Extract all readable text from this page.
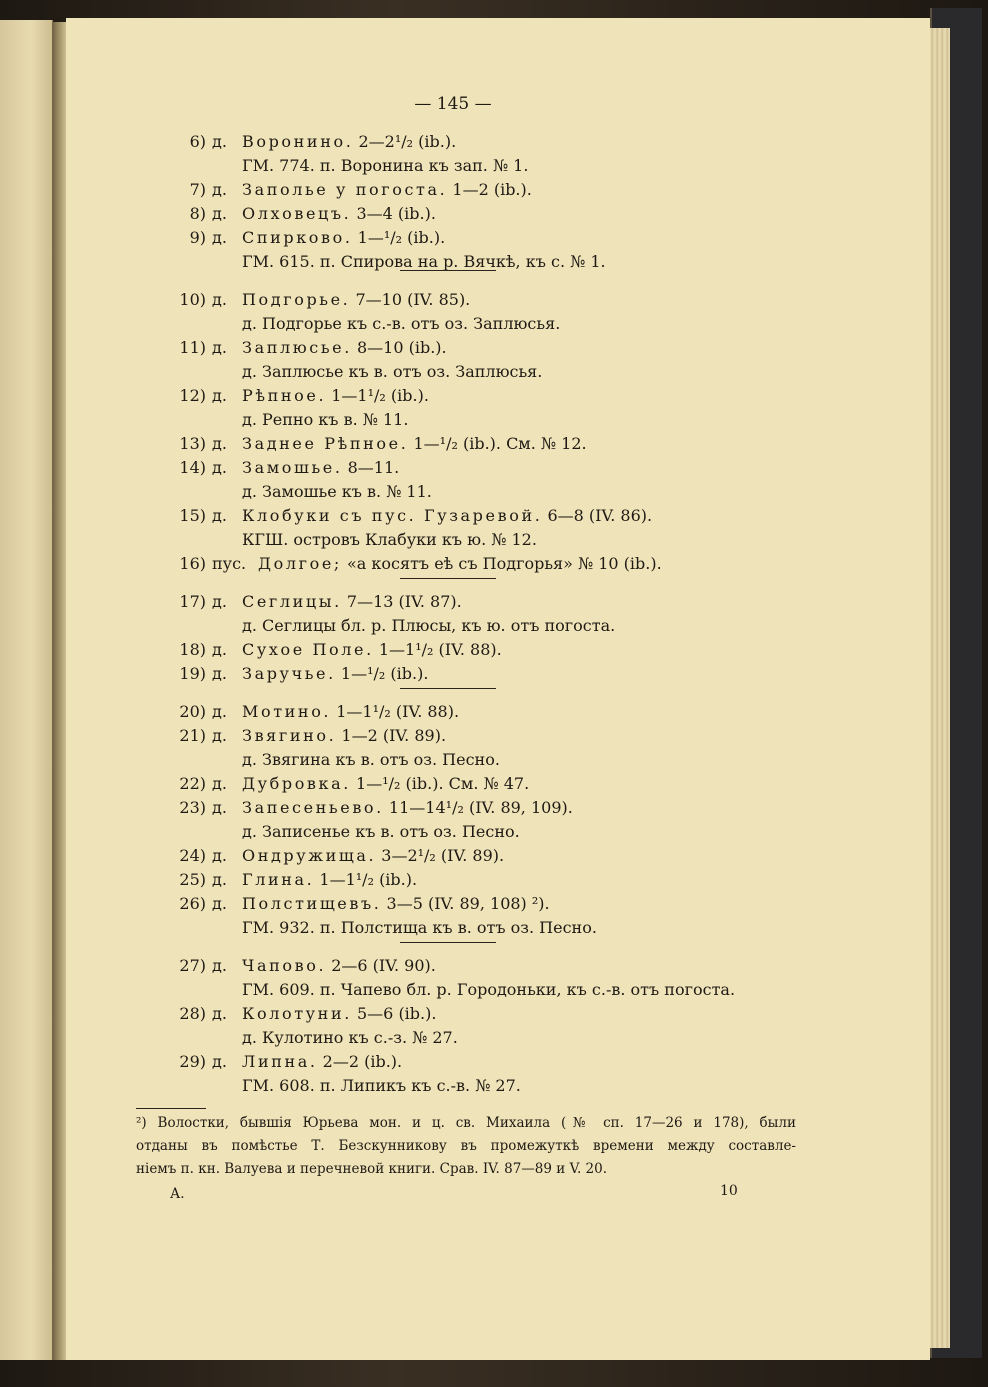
— 145 —
²) Волостки, бывшія Юрьева мон. и ц. св. Михаила (№ сп. 17—26 и 178), были
отданы въ помѣстье Т. Безскунникову въ промежуткѣ времени между составле-
ніемъ п. кн. Валуева и перечневой книги. Срав. IV. 87—89 и V. 20.
А.	10
6) д. Воронино. 2—2¹/₂ (ib.).
ГМ. 774. п. Воронина къ зап. № 1.
7) д. Заполье у погоста. 1—2 (ib.).
8) д. Олховецъ. 3—4 (ib.).
9) д. Спирково. 1—¹/₂ (ib.).
ГМ. 615. п. Спирова на р. Вячкѣ, къ с. № 1.
10) д. Подгорье. 7—10 (IV. 85).
д. Подгорье къ с.-в. отъ оз. Заплюсья.
11) д. Заплюсье. 8—10 (ib.).
д. Заплюсье къ в. отъ оз. Заплюсья.
12) д. Рѣпное. 1—1¹/₂ (ib.).
д. Репно къ в. № 11.
13) д. Заднее Рѣпное. 1—¹/₂ (ib.). См. № 12.
14) д. Замошье. 8—11.
д. Замошье къ в. № 11.
15) д. Клобуки съ пус. Гузаревой. 6—8 (IV. 86).
КГШ. островъ Клабуки къ ю. № 12.
16) пус. Долгое; «а косятъ eѣ съ Подгорья» № 10 (ib.).
17) д. Сеглицы. 7—13 (IV. 87).
д. Сеглицы бл. р. Плюсы, къ ю. отъ погоста.
18) д. Сухое Поле. 1—1¹/₂ (IV. 88).
19) д. Заручье. 1—¹/₂ (ib.).
20) д. Мотино. 1—1¹/₂ (IV. 88).
21) д. Звягино. 1—2 (IV. 89).
д. Звягина къ в. отъ оз. Песно.
22) д. Дубровка. 1—¹/₂ (ib.). См. № 47.
23) д. Запесеньево. 11—14¹/₂ (IV. 89, 109).
д. Записенье къ в. отъ оз. Песно.
24) д. Ондружища. 3—2¹/₂ (IV. 89).
25) д. Глина. 1—1¹/₂ (ib.).
26) д. Полстищевъ. 3—5 (IV. 89, 108) ²).
ГМ. 932. п. Полстища къ в. отъ оз. Песно.
27) д. Чапово. 2—6 (IV. 90).
ГМ. 609. п. Чапево бл. р. Городоньки, къ с.-в. отъ погоста.
28) д. Колотуни. 5—6 (ib.).
д. Кулотино къ с.-з. № 27.
29) д. Липна. 2—2 (ib.).
ГМ. 608. п. Липикъ къ с.-в. № 27.
